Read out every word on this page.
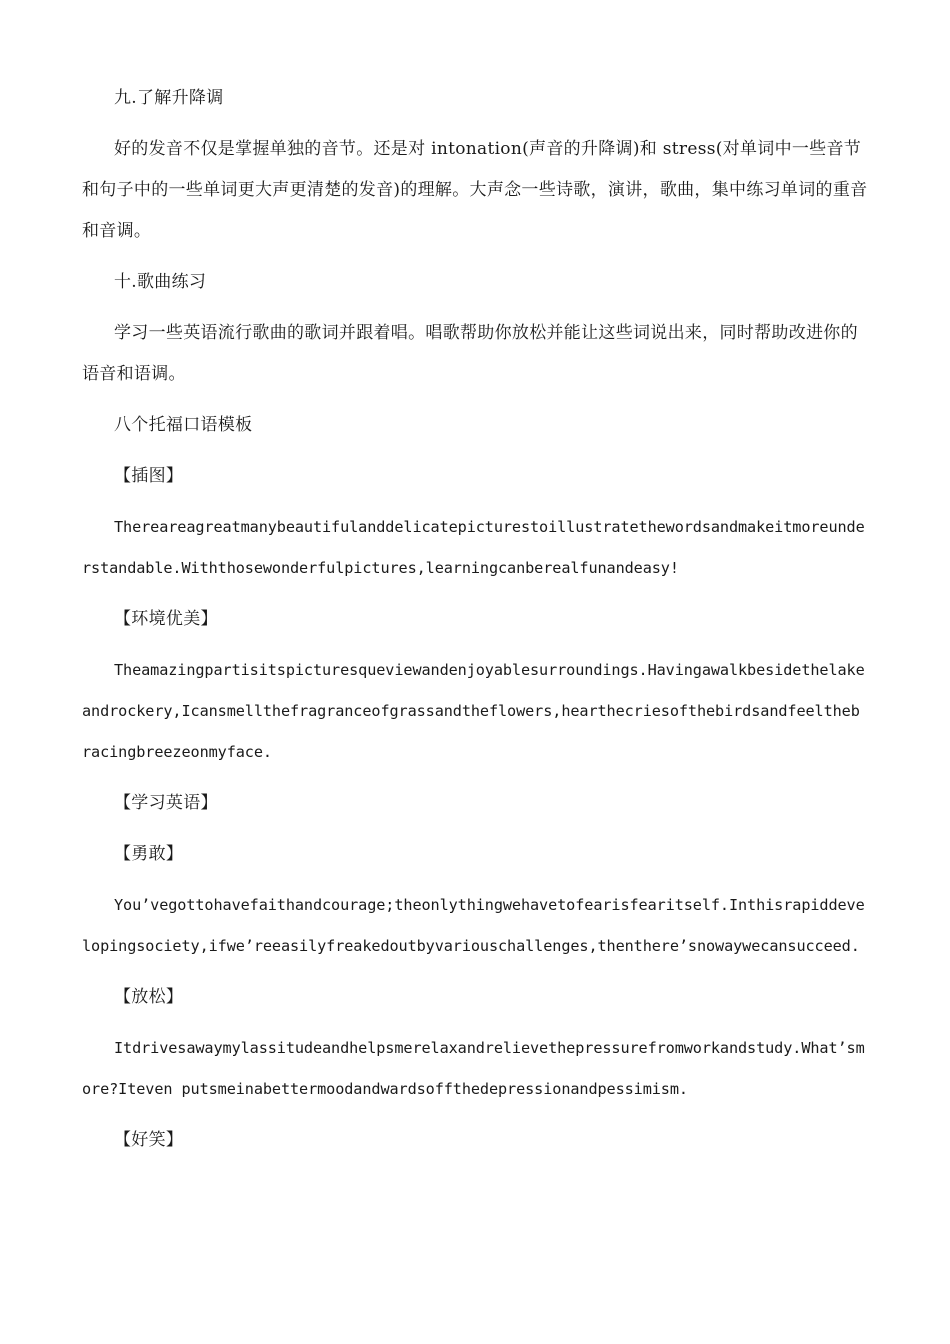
九.了解升降调

好的发音不仅是掌握单独的音节。还是对 intonation(声音的升降调)和 stress(对单词中一些音节和句子中的一些单词更大声更清楚的发音)的理解。大声念一些诗歌，演讲，歌曲，集中练习单词的重音和音调。

十.歌曲练习

学习一些英语流行歌曲的歌词并跟着唱。唱歌帮助你放松并能让这些词说出来，同时帮助改进你的语音和语调。

八个托福口语模板

【插图】

Thereareagreatmanybeautifulanddelicatepicturestoillustratethewordsandmakeitmoreunderstandable.Withthosewonderfulpictures,learningcanberealfunandeasy!

【环境优美】

Theamazingpartisitspicturesqueviewandenjoyablesurroundings.Havingawalkbesidethelakeandrockery,Icansmellthefragranceofgrassandtheflowers,hearthecriesofthebirdsandfeelthebracingbreezeonmyface.

【学习英语】

【勇敢】

You’vegottohavefaithandcourage;theonlythingwehavetofearisfearitself.Inthisrapiddevelopingsociety,ifwe’reeasilyfreakedoutbyvariouschallenges,thenthere’snowaywecansucceed.

【放松】

Itdrivesawaymylassitudeandhelpsmerelaxandrelievethepressurefromworkandstudy.What’smore?Iteven putsmeinabettermoodandwardsoffthedepressionandpessimism.

【好笑】
